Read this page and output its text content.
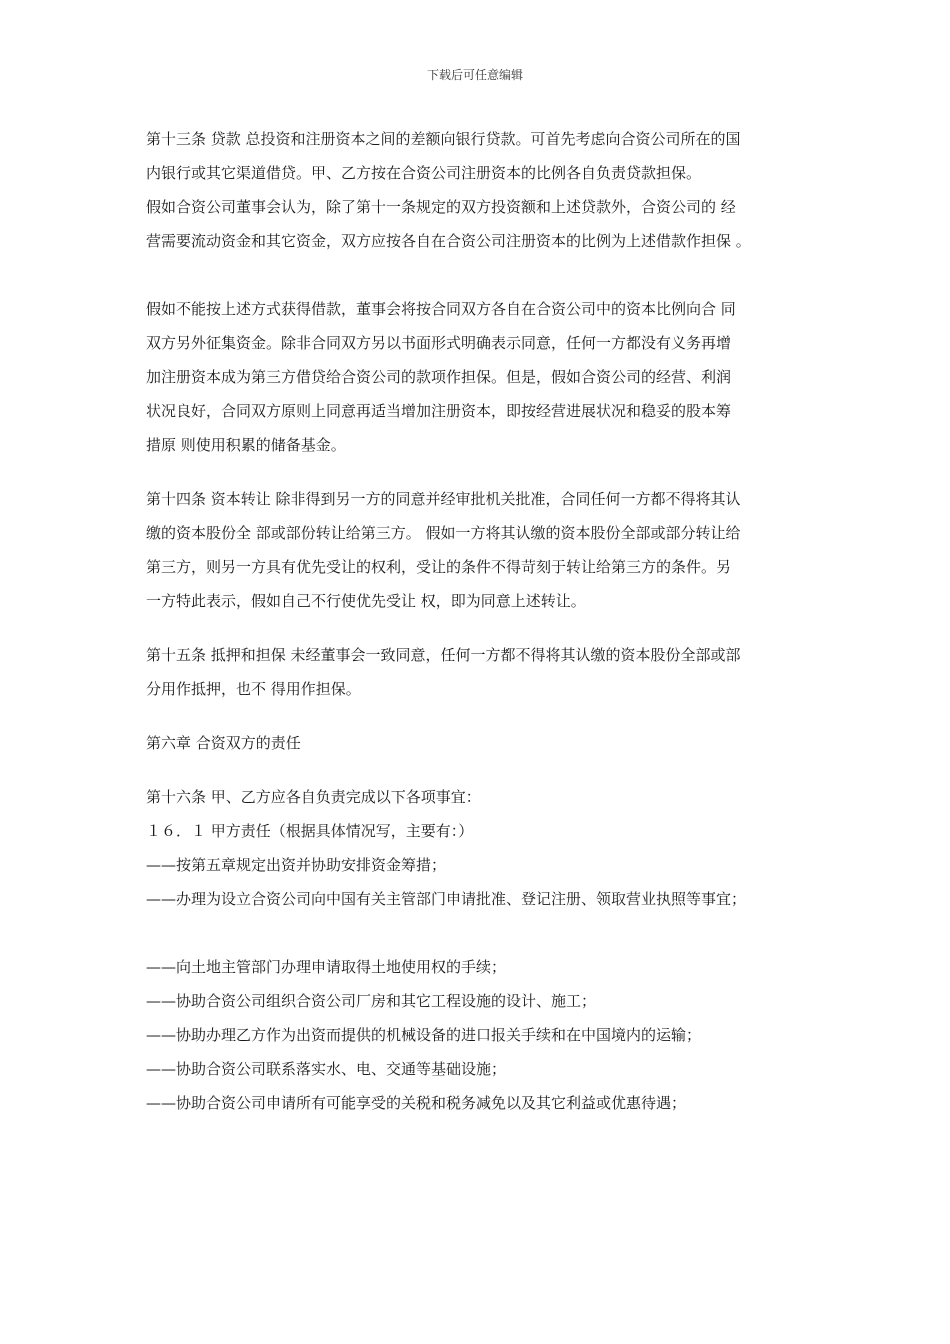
下载后可任意编辑
第十三条 贷款 总投资和注册资本之间的差额向银行贷款。可首先考虑向合资公司所在的国
内银行或其它渠道借贷。甲、乙方按在合资公司注册资本的比例各自负责贷款担保。
假如合资公司董事会认为，除了第十一条规定的双方投资额和上述贷款外，合资公司的 经
营需要流动资金和其它资金，双方应按各自在合资公司注册资本的比例为上述借款作担保 。
假如不能按上述方式获得借款，董事会将按合同双方各自在合资公司中的资本比例向合 同
双方另外征集资金。除非合同双方另以书面形式明确表示同意，任何一方都没有义务再增
加注册资本成为第三方借贷给合资公司的款项作担保。但是，假如合资公司的经营、利润
状况良好，合同双方原则上同意再适当增加注册资本，即按经营进展状况和稳妥的股本筹
措原 则使用积累的储备基金。
第十四条 资本转让 除非得到另一方的同意并经审批机关批准，合同任何一方都不得将其认
缴的资本股份全 部或部份转让给第三方。 假如一方将其认缴的资本股份全部或部分转让给
第三方，则另一方具有优先受让的权利，受让的条件不得苛刻于转让给第三方的条件。另
一方特此表示，假如自己不行使优先受让 权，即为同意上述转让。
第十五条 抵押和担保 未经董事会一致同意，任何一方都不得将其认缴的资本股份全部或部
分用作抵押，也不 得用作担保。
第六章 合资双方的责任
第十六条 甲、乙方应各自负责完成以下各项事宜：
１６．１ 甲方责任（根据具体情况写，主要有：）
——按第五章规定出资并协助安排资金筹措；
——办理为设立合资公司向中国有关主管部门申请批准、登记注册、领取营业执照等事宜；
——向土地主管部门办理申请取得土地使用权的手续；
——协助合资公司组织合资公司厂房和其它工程设施的设计、施工；
——协助办理乙方作为出资而提供的机械设备的进口报关手续和在中国境内的运输；
——协助合资公司联系落实水、电、交通等基础设施；
——协助合资公司申请所有可能享受的关税和税务减免以及其它利益或优惠待遇；
